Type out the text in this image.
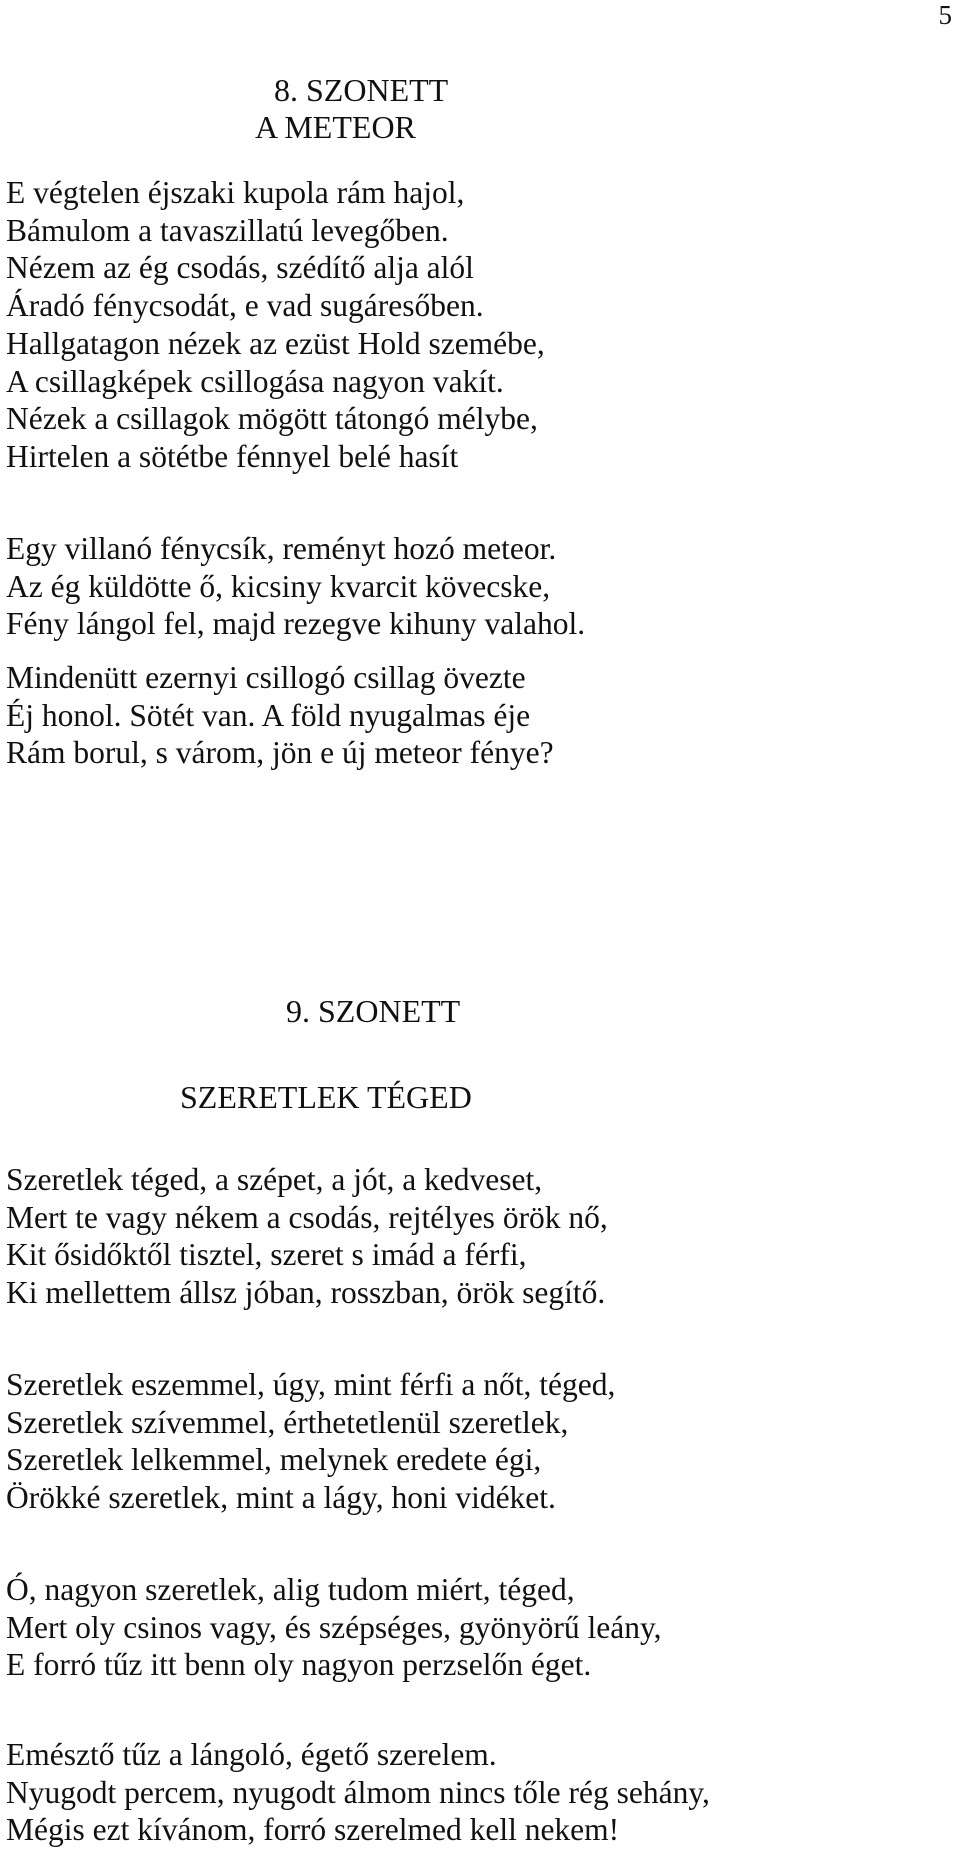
5
8. SZONETT
A METEOR
E végtelen éjszaki kupola rám hajol,
Bámulom a tavaszillatú levegőben.
Nézem az ég csodás, szédítő alja alól
Áradó fénycsodát, e vad sugáresőben.
Hallgatagon nézek az ezüst Hold szemébe,
A csillagképek csillogása nagyon vakít.
Nézek a csillagok mögött tátongó mélybe,
Hirtelen a sötétbe fénnyel belé hasít
Egy villanó fénycsík, reményt hozó meteor.
Az ég küldötte ő, kicsiny kvarcit kövecske,
Fény lángol fel, majd rezegve kihuny valahol.
Mindenütt ezernyi csillogó csillag övezte
Éj honol. Sötét van. A föld nyugalmas éje
Rám borul, s várom, jön e új meteor fénye?
9. SZONETT
SZERETLEK TÉGED
Szeretlek téged, a szépet, a jót, a kedveset,
Mert te vagy nékem a csodás, rejtélyes örök nő,
Kit ősidőktől tisztel, szeret s imád a férfi,
Ki mellettem állsz jóban, rosszban, örök segítő.
Szeretlek eszemmel, úgy, mint férfi a nőt, téged,
Szeretlek szívemmel, érthetetlenül szeretlek,
Szeretlek lelkemmel, melynek eredete égi,
Örökké szeretlek, mint a lágy, honi vidéket.
Ó, nagyon szeretlek, alig tudom miért, téged,
Mert oly csinos vagy, és szépséges, gyönyörű leány,
E forró tűz itt benn oly nagyon perzselőn éget.
Emésztő tűz a lángoló, égető szerelem.
Nyugodt percem, nyugodt álmom nincs tőle rég sehány,
Mégis ezt kívánom, forró szerelmed kell nekem!
